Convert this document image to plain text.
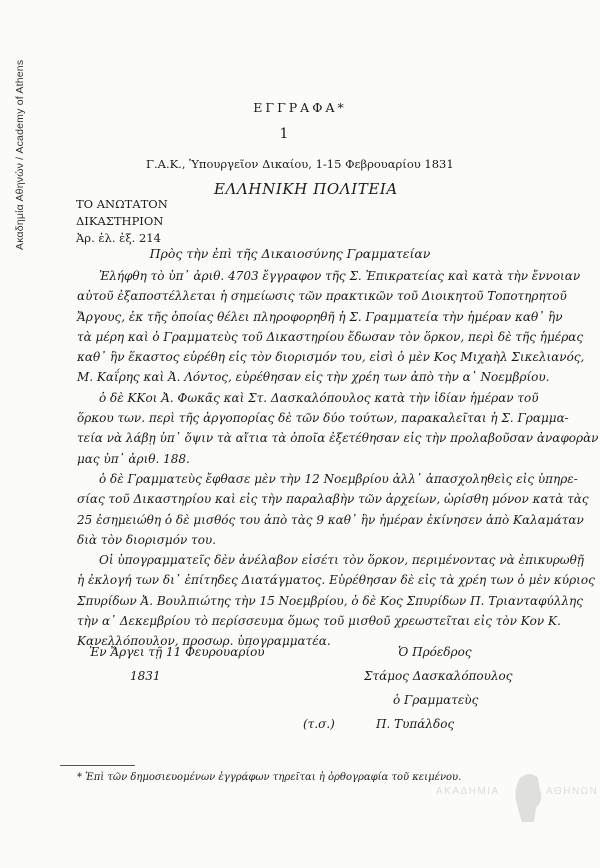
Ακαδημία Αθηνών / Academy of Athens	ΕΓΓΡΑΦΑ*
1
Γ.Α.Κ., Ὑπουργεῖον Δικαίου, 1-15 Φεβρουαρίου 1831
ΕΛΛΗΝΙΚΗ ΠΟΛΙΤΕΙΑ
ΤΟ ΑΝΩΤΑΤΟΝ
ΔΙΚΑΣΤΗΡΙΟΝ
Ἀρ. ἐλ. ἐξ. 214
Πρὸς τὴν ἐπὶ τῆς Δικαιοσύνης Γραμματείαν
Ἐλήφθη τὸ ὑπ᾽ ἀριθ. 4703 ἔγγραφον τῆς Σ. Ἐπικρατείας καὶ κατὰ τὴν ἔννοιαν
αὐτοῦ ἐξαποστέλλεται ἡ σημείωσις τῶν πρακτικῶν τοῦ Διοικητοῦ Τοποτηρητοῦ
Ἄργους, ἐκ τῆς ὁποίας θέλει πληροφορηθῆ ἡ Σ. Γραμματεία τὴν ἡμέραν καθ᾽ ἣν
τὰ μέρη καὶ ὁ Γραμματεὺς τοῦ Δικαστηρίου ἔδωσαν τὸν ὅρκον, περὶ δὲ τῆς ἡμέρας
καθ᾽ ἣν ἕκαστος εὑρέθη εἰς τὸν διορισμόν του, εἰσὶ ὁ μὲν Κος Μιχαὴλ Σικελιανός,
Μ. Καΐρης καὶ Ἀ. Λόντος, εὑρέθησαν εἰς τὴν χρέη των ἀπὸ τὴν α᾽ Νοεμβρίου.
ὁ δὲ ΚΚοι Ἀ. Φωκᾶς καὶ Στ. Δασκαλόπουλος κατὰ τὴν ἰδίαν ἡμέραν τοῦ
ὅρκου των. περὶ τῆς ἀργοπορίας δὲ τῶν δύο τούτων, παρακαλεῖται ἡ Σ. Γραμμα-
τεία νὰ λάβῃ ὑπ᾽ ὄψιν τὰ αἴτια τὰ ὁποῖα ἐξετέθησαν εἰς τὴν προλαβοῦσαν ἀναφορὰν
μας ὑπ᾽ ἀριθ. 188.
ὁ δὲ Γραμματεὺς ἔφθασε μὲν τὴν 12 Νοεμβρίου ἀλλ᾽ ἀπασχοληθεὶς εἰς ὑπηρε-
σίας τοῦ Δικαστηρίου καὶ εἰς τὴν παραλαβὴν τῶν ἀρχείων, ὡρίσθη μόνον κατὰ τὰς
25 ἐσημειώθη ὁ δὲ μισθός του ἀπὸ τὰς 9 καθ᾽ ἣν ἡμέραν ἐκίνησεν ἀπὸ Καλαμάταν
διὰ τὸν διορισμόν του.
Οἱ ὑπογραμματεῖς δὲν ἀνέλαβον εἰσέτι τὸν ὅρκον, περιμένοντας νὰ ἐπικυρωθῇ
ἡ ἐκλογή των δι᾽ ἐπίτηδες Διατάγματος. Εὑρέθησαν δὲ εἰς τὰ χρέη των ὁ μὲν κύριος
Σπυρίδων Ἀ. Βουλπιώτης τὴν 15 Νοεμβρίου, ὁ δὲ Κος Σπυρίδων Π. Τριανταφύλλης
τὴν α᾽ Δεκεμβρίου τὸ περίσσευμα ὅμως τοῦ μισθοῦ χρεωστεῖται εἰς τὸν Κον Κ.
Κανελλόπουλον, προσωρ. ὑπογραμματέα.
Ἐν Ἄργει τῇ 11 Φευρουαρίου
1831
Ὁ Πρόεδρος
Στάμος Δασκαλόπουλος
ὁ Γραμματεὺς
(τ.σ.)	Π. Τυπάλδος
* Ἐπὶ τῶν δημοσιευομένων ἐγγράφων τηρεῖται ἡ ὀρθογραφία τοῦ κειμένου.
ΑΚΑΔΗΜΙΑ	ΑΘΗΝΩΝ
